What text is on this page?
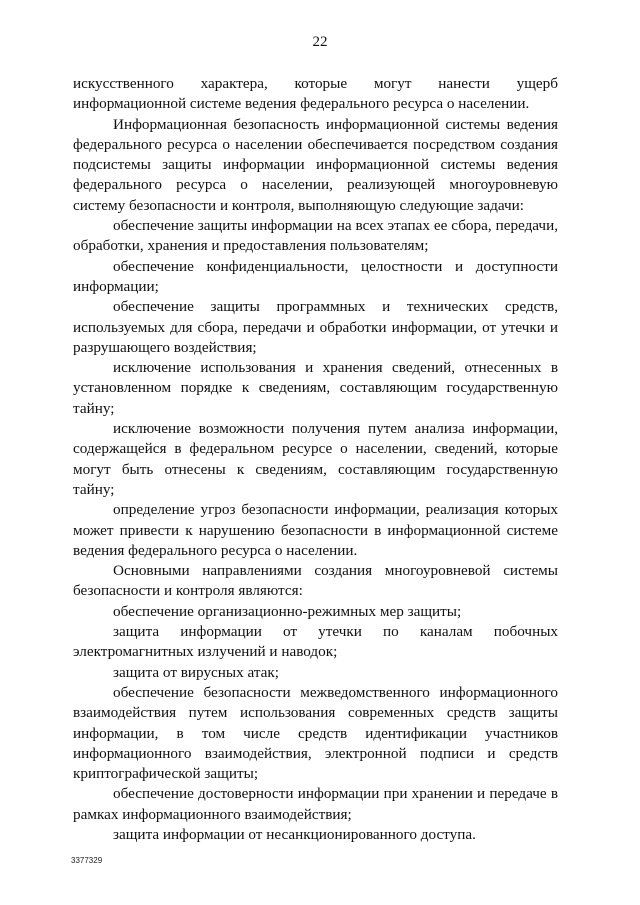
22

искусственного характера, которые могут нанести ущерб информационной системе ведения федерального ресурса о населении.

Информационная безопасность информационной системы ведения федерального ресурса о населении обеспечивается посредством создания подсистемы защиты информации информационной системы ведения федерального ресурса о населении, реализующей многоуровневую систему безопасности и контроля, выполняющую следующие задачи:

обеспечение защиты информации на всех этапах ее сбора, передачи, обработки, хранения и предоставления пользователям;

обеспечение конфиденциальности, целостности и доступности информации;

обеспечение защиты программных и технических средств, используемых для сбора, передачи и обработки информации, от утечки и разрушающего воздействия;

исключение использования и хранения сведений, отнесенных в установленном порядке к сведениям, составляющим государственную тайну;

исключение возможности получения путем анализа информации, содержащейся в федеральном ресурсе о населении, сведений, которые могут быть отнесены к сведениям, составляющим государственную тайну;

определение угроз безопасности информации, реализация которых может привести к нарушению безопасности в информационной системе ведения федерального ресурса о населении.

Основными направлениями создания многоуровневой системы безопасности и контроля являются:

обеспечение организационно-режимных мер защиты;

защита информации от утечки по каналам побочных электромагнитных излучений и наводок;

защита от вирусных атак;

обеспечение безопасности межведомственного информационного взаимодействия путем использования современных средств защиты информации, в том числе средств идентификации участников информационного взаимодействия, электронной подписи и средств криптографической защиты;

обеспечение достоверности информации при хранении и передаче в рамках информационного взаимодействия;

защита информации от несанкционированного доступа.

3377329
